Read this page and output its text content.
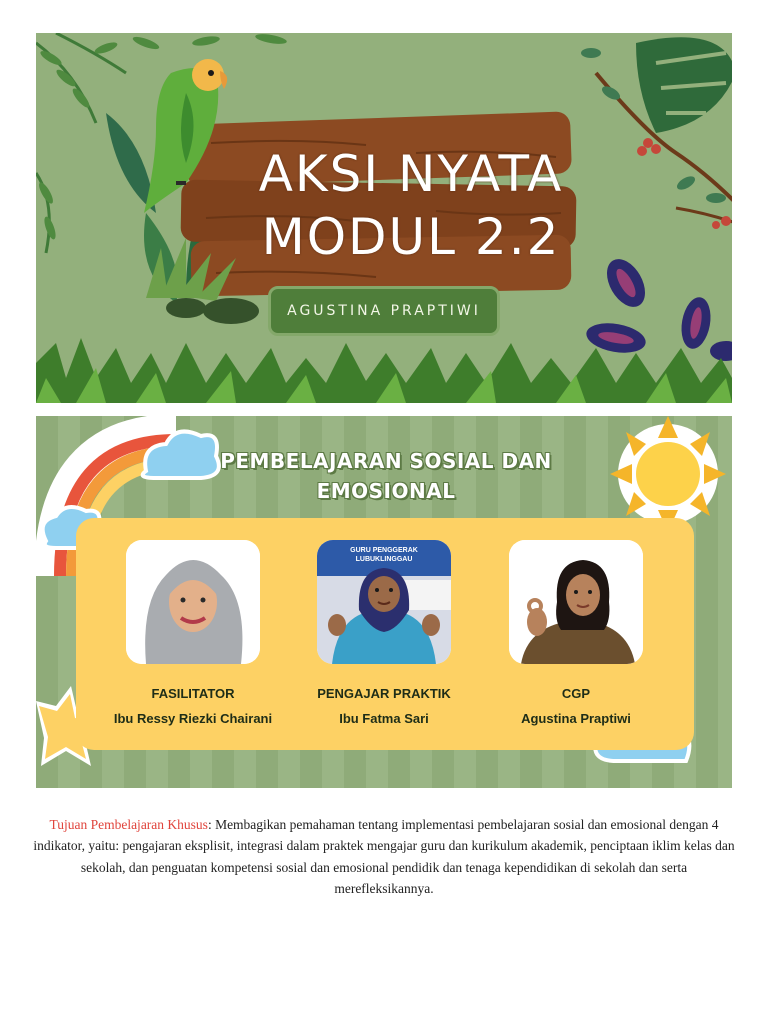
AKSI NYATA
MODUL 2.2
AGUSTINA PRAPTIWI
PEMBELAJARAN SOSIAL DAN
EMOSIONAL
FASILITATOR
Ibu Ressy Riezki Chairani
GURU PENGGERAK LUBUKLINGGAU
PENGAJAR PRAKTIK
Ibu Fatma Sari
CGP
Agustina Praptiwi

Tujuan Pembelajaran Khusus: Membagikan pemahaman tentang implementasi pembelajaran sosial dan emosional dengan 4 indikator, yaitu: pengajaran eksplisit, integrasi dalam praktek mengajar guru dan kurikulum akademik, penciptaan iklim kelas dan sekolah, dan penguatan kompetensi sosial dan emosional pendidik dan tenaga kependidikan di sekolah dan serta merefleksikannya.
